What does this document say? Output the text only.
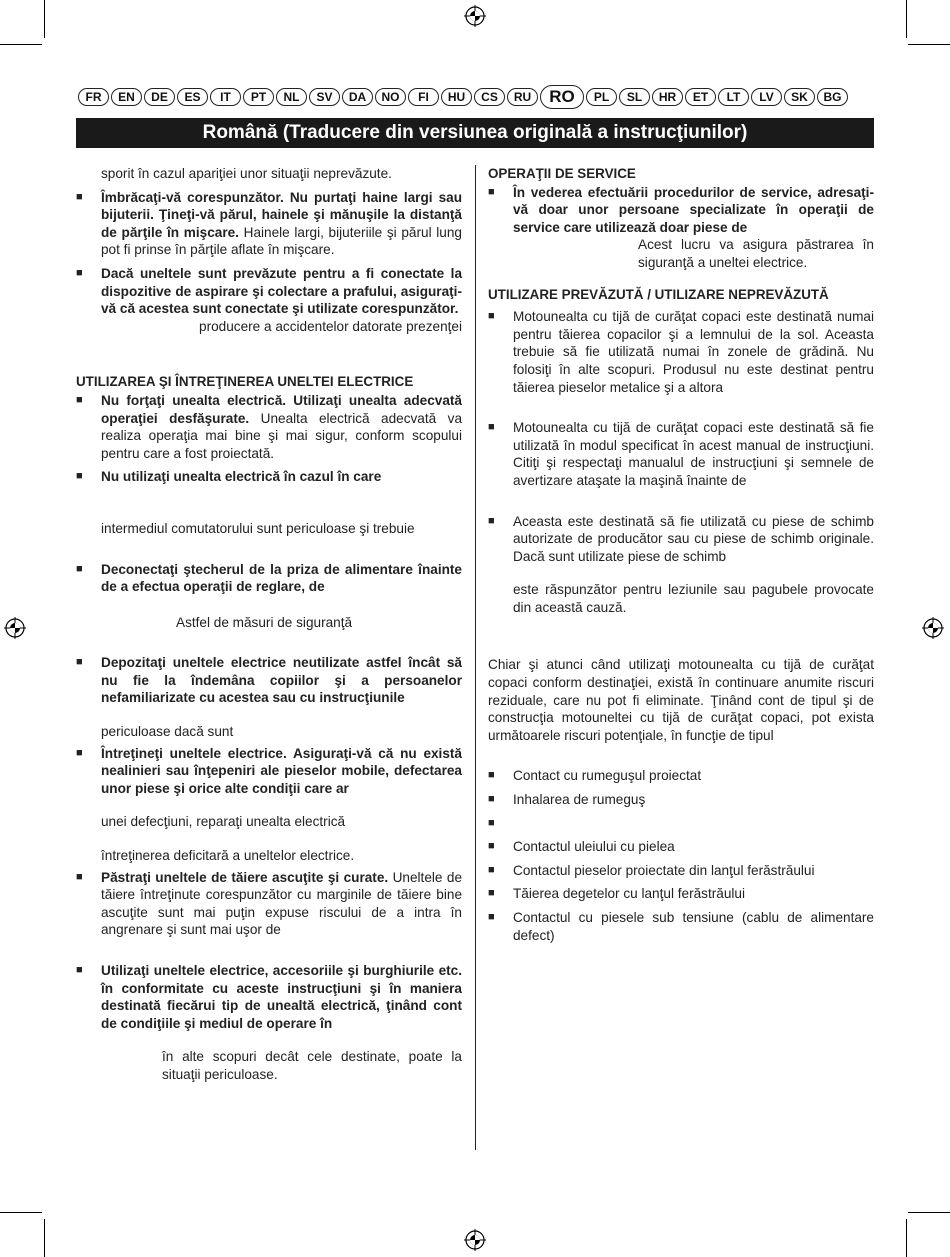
FR	EN	DE	ES	IT	PT	NL	SV	DA	NO	FI	HU	CS	RU	RO	PL	SL	HR	ET	LT	LV	SK	BG
Română (Traducere din versiunea originală a instrucţiunilor)

sporit în cazul apariţiei unor situaţii neprevăzute.

■ Îmbrăcaţi-vă corespunzător. Nu purtaţi haine largi sau bijuterii. Ţineţi-vă părul, hainele şi mănuşile la distanţă de părţile în mişcare. Hainele largi, bijuteriile şi părul lung pot fi prinse în părţile aflate în mişcare.
■ Dacă uneltele sunt prevăzute pentru a fi conectate la dispozitive de aspirare şi colectare a prafului, asiguraţi-vă că acestea sunt conectate şi utilizate corespunzător.
producere a accidentelor datorate prezenţei

UTILIZAREA ŞI ÎNTREŢINEREA UNELTEI ELECTRICE

■ Nu forţaţi unealta electrică. Utilizaţi unealta adecvată operaţiei desfăşurate. Unealta electrică adecvată va realiza operaţia mai bine şi mai sigur, conform scopului pentru care a fost proiectată.
■ Nu utilizaţi unealta electrică în cazul în care
intermediul comutatorului sunt periculoase şi trebuie
■ Deconectaţi ştecherul de la priza de alimentare înainte de a efectua operaţii de reglare, de
Astfel de măsuri de siguranţă
■ Depozitaţi uneltele electrice neutilizate astfel încât să nu fie la îndemâna copiilor şi a persoanelor nefamiliarizate cu acestea sau cu instrucţiunile
periculoase dacă sunt
■ Întreţineţi uneltele electrice. Asiguraţi-vă că nu există nealinieri sau înţepeniri ale pieselor mobile, defectarea unor piese şi orice alte condiţii care ar
unei defecţiuni, reparaţi unealta electrică
întreţinerea deficitară a uneltelor electrice.
■ Păstraţi uneltele de tăiere ascuţite şi curate. Uneltele de tăiere întreţinute corespunzător cu marginile de tăiere bine ascuţite sunt mai puţin expuse riscului de a intra în angrenare şi sunt mai uşor de
■ Utilizaţi uneltele electrice, accesoriile şi burghiurile etc. în conformitate cu aceste instrucţiuni şi în maniera destinată fiecărui tip de unealtă electrică, ţinând cont de condiţiile şi mediul de operare în
în alte scopuri decât cele destinate, poate la situaţii periculoase.

OPERAŢII DE SERVICE

■ În vederea efectuării procedurilor de service, adresaţi-vă doar unor persoane specializate în operaţii de service care utilizează doar piese de
Acest lucru va asigura păstrarea în siguranţă a uneltei electrice.

UTILIZARE PREVĂZUTĂ / UTILIZARE NEPREVĂZUTĂ

■ Motounealta cu tijă de curăţat copaci este destinată numai pentru tăierea copacilor şi a lemnului de la sol. Aceasta trebuie să fie utilizată numai în zonele de grădină. Nu folosiţi în alte scopuri. Produsul nu este destinat pentru tăierea pieselor metalice şi a altora
■ Motounealta cu tijă de curăţat copaci este destinată să fie utilizată în modul specificat în acest manual de instrucţiuni. Citiţi şi respectaţi manualul de instrucţiuni şi semnele de avertizare ataşate la maşină înainte de
■ Aceasta este destinată să fie utilizată cu piese de schimb autorizate de producător sau cu piese de schimb originale. Dacă sunt utilizate piese de schimb
este răspunzător pentru leziunile sau pagubele provocate din această cauză.

Chiar şi atunci când utilizaţi motounealta cu tijă de curăţat copaci conform destinaţiei, există în continuare anumite riscuri reziduale, care nu pot fi eliminate. Ţinând cont de tipul şi de construcţia motouneltei cu tijă de curăţat copaci, pot exista următoarele riscuri potenţiale, în funcţie de tipul

■ Contact cu rumeguşul proiectat
■ Inhalarea de rumeguş
■
■ Contactul uleiului cu pielea
■ Contactul pieselor proiectate din lanţul ferăstrăului
■ Tăierea degetelor cu lanţul ferăstrăului
■ Contactul cu piesele sub tensiune (cablu de alimentare defect)
